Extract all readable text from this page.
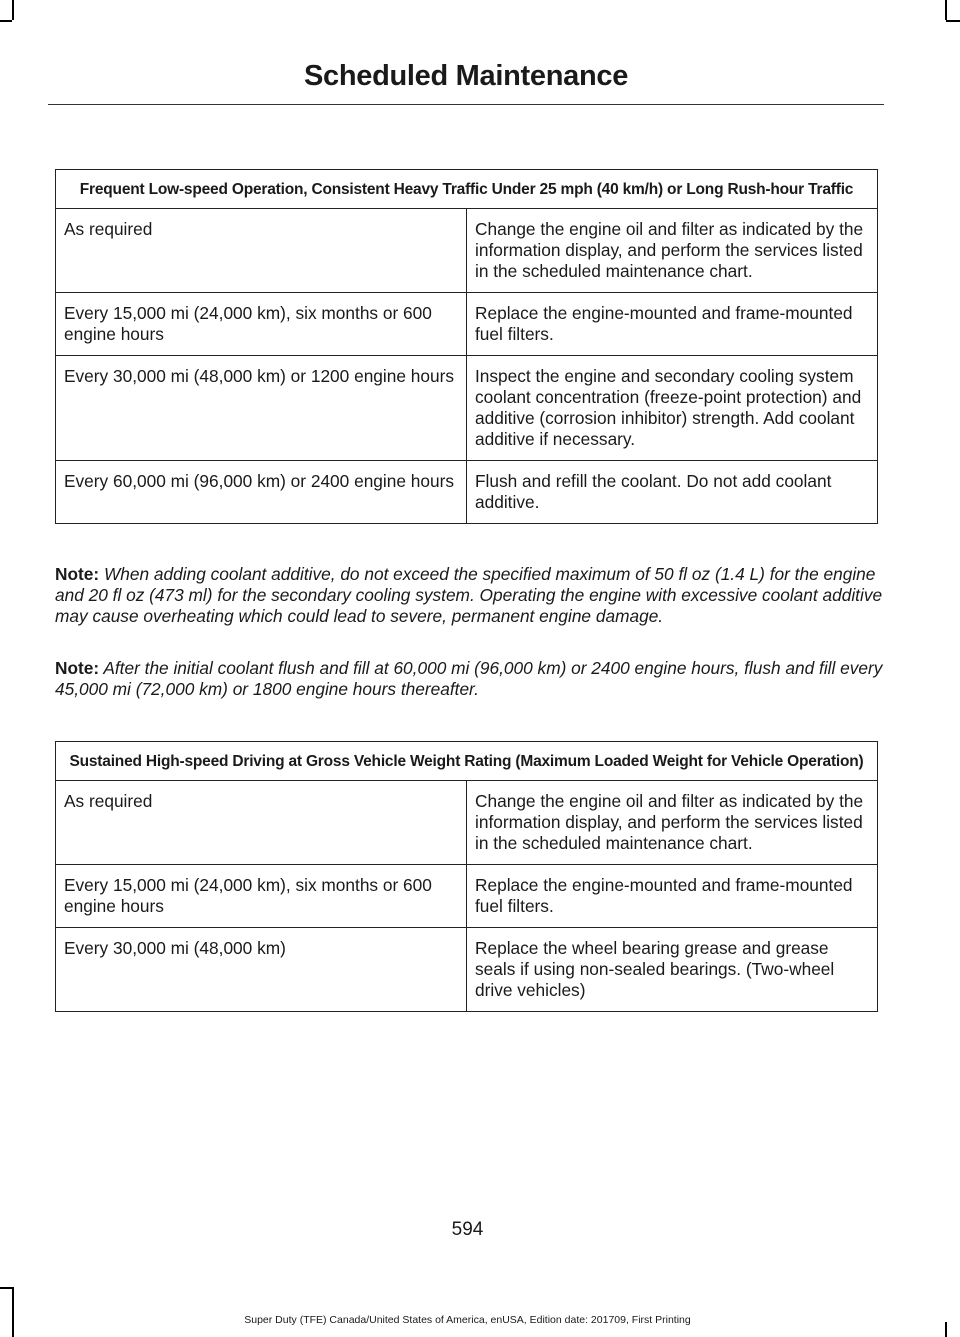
Scheduled Maintenance
Frequent Low-speed Operation, Consistent Heavy Traffic Under 25 mph (40 km/h) or Long Rush-hour Traffic	
As required	Change the engine oil and filter as indicated by the information display, and perform the services listed in the scheduled maintenance chart.
Every 15,000 mi (24,000 km), six months or 600 engine hours	Replace the engine-mounted and frame-mounted fuel filters.
Every 30,000 mi (48,000 km) or 1200 engine hours	Inspect the engine and secondary cooling system coolant concentration (freeze-point protection) and additive (corrosion inhibitor) strength. Add coolant additive if necessary.
Every 60,000 mi (96,000 km) or 2400 engine hours	Flush and refill the coolant. Do not add coolant additive.
Note: When adding coolant additive, do not exceed the specified maximum of 50 fl oz (1.4 L) for the engine and 20 fl oz (473 ml) for the secondary cooling system. Operating the engine with excessive coolant additive may cause overheating which could lead to severe, permanent engine damage.
Note: After the initial coolant flush and fill at 60,000 mi (96,000 km) or 2400 engine hours, flush and fill every 45,000 mi (72,000 km) or 1800 engine hours thereafter.
Sustained High-speed Driving at Gross Vehicle Weight Rating (Maximum Loaded Weight for Vehicle Operation)	
As required	Change the engine oil and filter as indicated by the information display, and perform the services listed in the scheduled maintenance chart.
Every 15,000 mi (24,000 km), six months or 600 engine hours	Replace the engine-mounted and frame-mounted fuel filters.
Every 30,000 mi (48,000 km)	Replace the wheel bearing grease and grease seals if using non-sealed bearings. (Two-wheel drive vehicles)
594
Super Duty (TFE) Canada/United States of America, enUSA, Edition date: 201709, First Printing
